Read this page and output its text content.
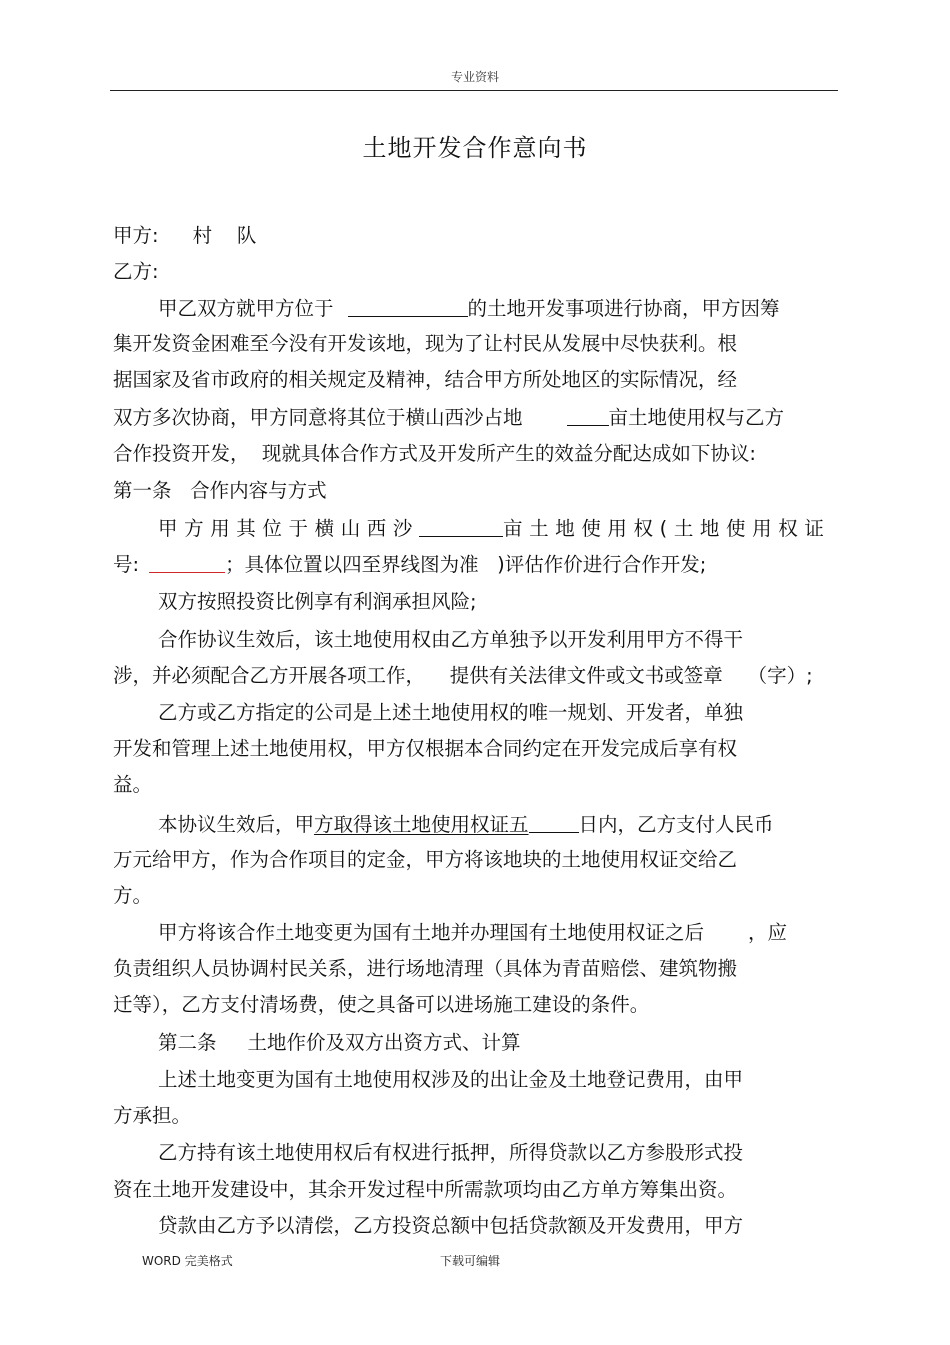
专业资料
土地开发合作意向书
甲方: 村    队
乙方:
甲乙双方就甲方位于	的土地开发事项进行协商，甲方因筹
集开发资金困难至今没有开发该地，现为了让村民从发展中尽快获利。根
据国家及省市政府的相关规定及精神，结合甲方所处地区的实际情况，经
双方多次协商，甲方同意将其位于横山西沙占地	亩土地使用权与乙方
合作投资开发，  现就具体合作方式及开发所产生的效益分配达成如下协议:
第一条   合作内容与方式
甲方用其位于横山西沙	亩土地使用权(土地使用权证
号:	；具体位置以四至界线图为准   )评估作价进行合作开发;
双方按照投资比例享有利润承担风险;
合作协议生效后，该土地使用权由乙方单独予以开发利用甲方不得干
涉，并必须配合乙方开展各项工作，    提供有关法律文件或文书或签章    （字）;
乙方或乙方指定的公司是上述土地使用权的唯一规划、开发者，单独
开发和管理上述土地使用权，甲方仅根据本合同约定在开发完成后享有权
益。
本协议生效后，甲方取得该土地使用权证五	日内，乙方支付人民币
万元给甲方，作为合作项目的定金，甲方将该地块的土地使用权证交给乙
方。
甲方将该合作土地变更为国有土地并办理国有土地使用权证之后 ，应
负责组织人员协调村民关系，进行场地清理（具体为青苗赔偿、建筑物搬
迁等），乙方支付清场费，使之具备可以进场施工建设的条件。
第二条     土地作价及双方出资方式、计算
上述土地变更为国有土地使用权涉及的出让金及土地登记费用，由甲
方承担。
乙方持有该土地使用权后有权进行抵押，所得贷款以乙方参股形式投
资在土地开发建设中，其余开发过程中所需款项均由乙方单方筹集出资。
贷款由乙方予以清偿，乙方投资总额中包括贷款额及开发费用，甲方
WORD 完美格式	下载可编辑
